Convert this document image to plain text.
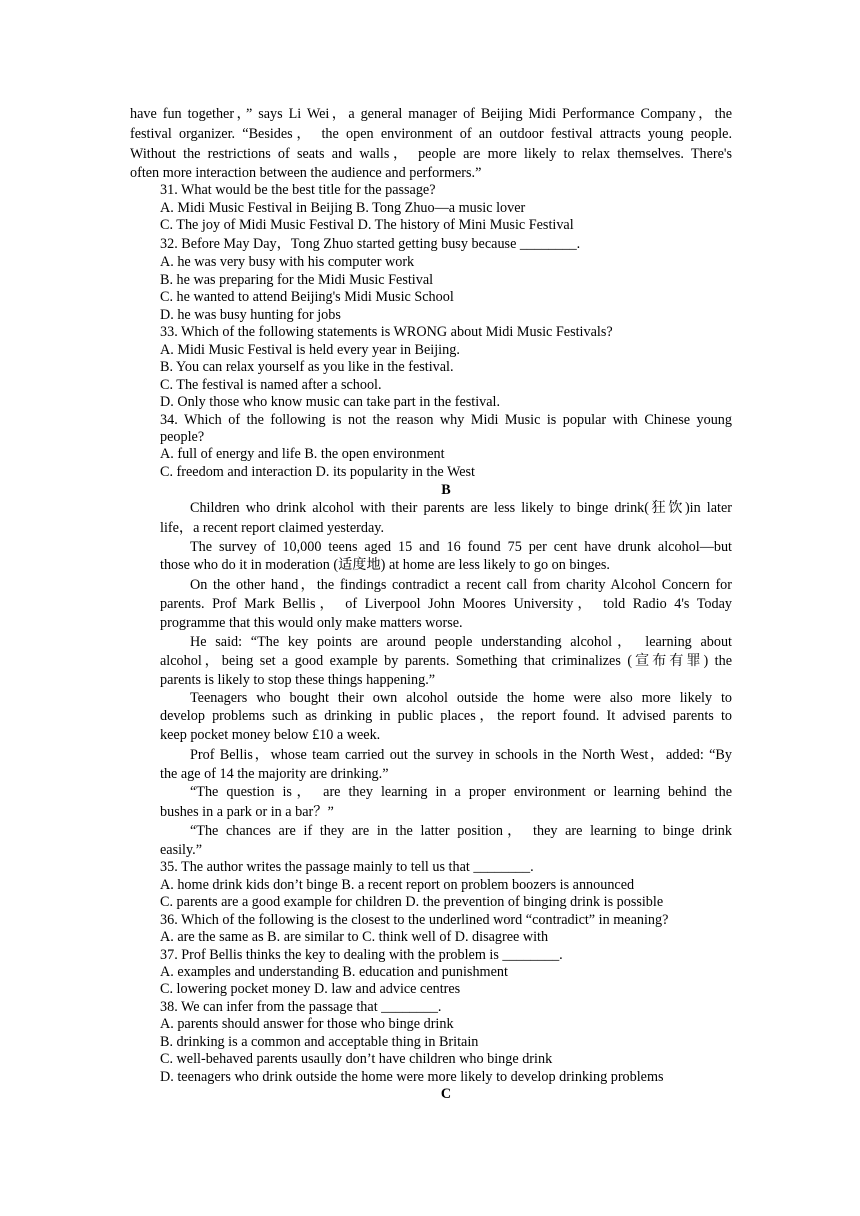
have fun together，” says Li Wei，a general manager of Beijing Midi Performance Company，the
festival organizer. “Besides， the open environment of an outdoor festival attracts young people.
Without the restrictions of seats and walls， people are more likely to relax themselves. There's
often more interaction between the audience and performers.”
31. What would be the best title for the passage?
A. Midi Music Festival in Beijing B. Tong Zhuo—a music lover
C. The joy of Midi Music Festival D. The history of Mini Music Festival
32. Before May Day，Tong Zhuo started getting busy because ________.
A. he was very busy with his computer work
B. he was preparing for the Midi Music Festival
C. he wanted to attend Beijing's Midi Music School
D. he was busy hunting for jobs
33. Which of the following statements is WRONG about Midi Music Festivals?
A. Midi Music Festival is held every year in Beijing.
B. You can relax yourself as you like in the festival.
C. The festival is named after a school.
D. Only those who know music can take part in the festival.
34. Which of the following is not the reason why Midi Music is popular with Chinese young
people?
A. full of energy and life B. the open environment
C. freedom and interaction D. its popularity in the West
B
Children who drink alcohol with their parents are less likely to binge drink(狂饮)in later
life，a recent report claimed yesterday.
The survey of 10,000 teens aged 15 and 16 found 75 per cent have drunk alcohol—but
those who do it in moderation (适度地) at home are less likely to go on binges.
On the other hand，the findings contradict a recent call from charity Alcohol Concern for
parents. Prof Mark Bellis， of Liverpool John Moores University， told Radio 4's Today
programme that this would only make matters worse.
He said: “The key points are around people understanding alcohol， learning about
alcohol，being set a good example by parents. Something that criminalizes (宣布有罪) the
parents is likely to stop these things happening.”
Teenagers who bought their own alcohol outside the home were also more likely to
develop problems such as drinking in public places，the report found. It advised parents to
keep pocket money below £10 a week.
Prof Bellis，whose team carried out the survey in schools in the North West，added: “By
the age of 14 the majority are drinking.”
“The question is， are they learning in a proper environment or learning behind the
bushes in a park or in a bar？”
“The chances are if they are in the latter position， they are learning to binge drink
easily.”
35. The author writes the passage mainly to tell us that ________.
A. home drink kids don’t binge B. a recent report on problem boozers is announced
C. parents are a good example for children D. the prevention of binging drink is possible
36. Which of the following is the closest to the underlined word “contradict” in meaning?
A. are the same as B. are similar to C. think well of D. disagree with
37. Prof Bellis thinks the key to dealing with the problem is ________.
A. examples and understanding B. education and punishment
C. lowering pocket money D. law and advice centres
38. We can infer from the passage that ________.
A. parents should answer for those who binge drink
B. drinking is a common and acceptable thing in Britain
C. well-behaved parents usaully don’t have children who binge drink
D. teenagers who drink outside the home were more likely to develop drinking problems
C
